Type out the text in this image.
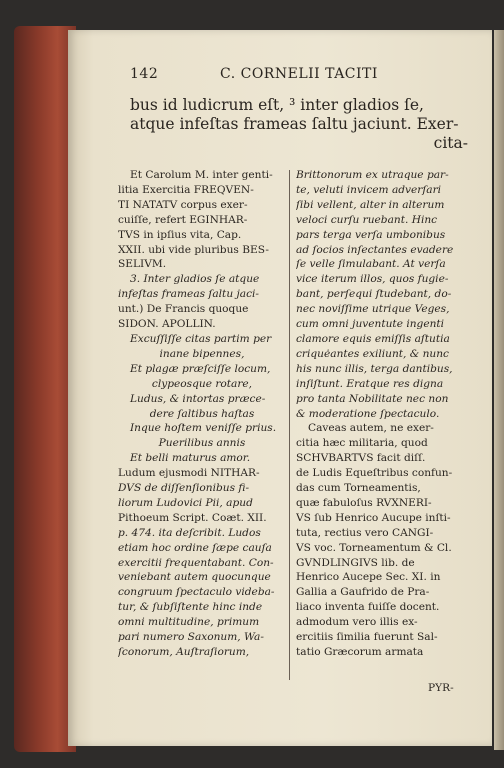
142	C. CORNELII TACITI
bus id ludicrum eſt, ³ inter gladios ſe,
atque infeſtas frameas ſaltu jaciunt. Exer-
cita-
Et Carolum M. inter genti-
litia Exercitia FREQVEN-
TI NATATV corpus exer-
cuiſſe, refert EGINHAR-
TVS in ipſius vita, Cap.
XXII. ubi vide pluribus BES-
SELIVM.
3. Inter gladios ſe atque
infeſtas frameas ſaltu jaci-
unt.) De Francis quoque
SIDON. APOLLIN.
Excuſſiſſe citas partim per
inane bipennes,
Et plagæ præſciſſe locum,
clypeosque rotare,
Ludus, & intortas præce-
dere ſaltibus haſtas
Inque hoſtem veniſſe prius.
Puerilibus annis
Et belli maturus amor.
Ludum ejusmodi NITHAR-
DVS de diſſenſionibus fi-
liorum Ludovici Pii, apud
Pithoeum Script. Coæt. XII.
p. 474. ita deſcribit. Ludos
etiam hoc ordine ſæpe cauſa
exercitii frequentabant. Con-
veniebant autem quocunque
congruum ſpectaculo videba-
tur, & ſubſiſtente hinc inde
omni multitudine, primum
pari numero Saxonum, Wa-
ſconorum, Auſtraſiorum,
Brittonorum ex utraque par-
te, veluti invicem adverſari
ſibi vellent, alter in alterum
veloci curſu ruebant. Hinc
pars terga verſa umbonibus
ad ſocios inſectantes evadere
ſe velle ſimulabant. At verſa
vice iterum illos, quos fugie-
bant, perſequi ſtudebant, do-
nec noviſſime utrique Veges,
cum omni juventute ingenti
clamore equis emiſſis aſtutia
criquėantes exiliunt, & nunc
his nunc illis, terga dantibus,
inſiſtunt. Eratque res digna
pro tanta Nobilitate nec non
& moderatione ſpectaculo.
Caveas autem, ne exer-
citia hæc militaria, quod
SCHVBARTVS facit diſſ.
de Ludis Equeſtribus confun-
das cum Torneamentis,
quæ fabuloſus RVXNERI-
VS ſub Henrico Aucupe inſti-
tuta, rectius vero CANGI-
VS voc. Torneamentum & Cl.
GVNDLINGIVS lib. de
Henrico Aucepe Sec. XI. in
Gallia a Gaufrido de Pra-
liaco inventa fuiſſe docent.
admodum vero illis ex-
ercitiis ſimilia fuerunt Sal-
tatio Græcorum armata
PYR-
